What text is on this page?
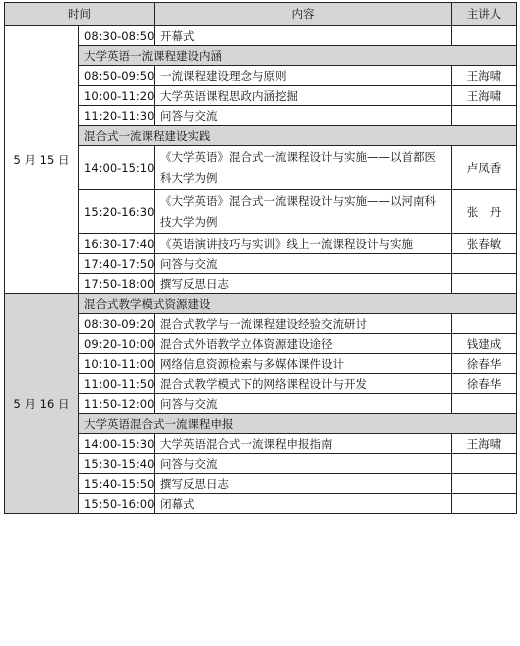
时间		内容	主讲人
5 月 15 日	08:30-08:50	开幕式	
	大学英语一流课程建设内涵		
	08:50-09:50	一流课程建设理念与原则	王海啸
	10:00-11:20	大学英语课程思政内涵挖掘	王海啸
	11:20-11:30	问答与交流	
	混合式一流课程建设实践		
	14:00-15:10	《大学英语》混合式一流课程设计与实施——以首都医科大学为例	卢凤香
	15:20-16:30	《大学英语》混合式一流课程设计与实施——以河南科技大学为例	张　丹
	16:30-17:40	《英语演讲技巧与实训》线上一流课程设计与实施	张春敏
	17:40-17:50	问答与交流	
	17:50-18:00	撰写反思日志	
5 月 16 日	混合式教学模式资源建设		
	08:30-09:20	混合式教学与一流课程建设经验交流研讨	
	09:20-10:00	混合式外语教学立体资源建设途径	钱建成
	10:10-11:00	网络信息资源检索与多媒体课件设计	徐春华
	11:00-11:50	混合式教学模式下的网络课程设计与开发	徐春华
	11:50-12:00	问答与交流	
	大学英语混合式一流课程申报		
	14:00-15:30	大学英语混合式一流课程申报指南	王海啸
	15:30-15:40	问答与交流	
	15:40-15:50	撰写反思日志	
	15:50-16:00	闭幕式	
